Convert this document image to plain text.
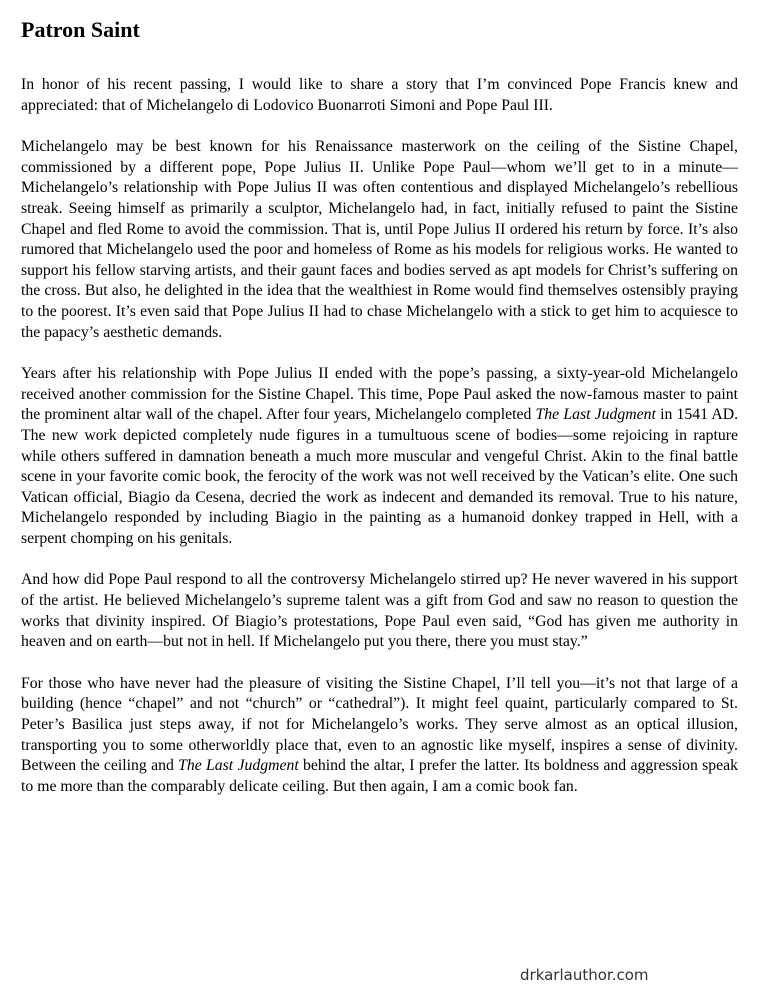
Patron Saint

In honor of his recent passing, I would like to share a story that I’m convinced Pope Francis knew and appreciated: that of Michelangelo di Lodovico Buonarroti Simoni and Pope Paul III.

Michelangelo may be best known for his Renaissance masterwork on the ceiling of the Sistine Chapel, commissioned by a different pope, Pope Julius II. Unlike Pope Paul—whom we’ll get to in a minute—Michelangelo’s relationship with Pope Julius II was often contentious and displayed Michelangelo’s rebellious streak. Seeing himself as primarily a sculptor, Michelangelo had, in fact, initially refused to paint the Sistine Chapel and fled Rome to avoid the commission. That is, until Pope Julius II ordered his return by force. It’s also rumored that Michelangelo used the poor and homeless of Rome as his models for religious works. He wanted to support his fellow starving artists, and their gaunt faces and bodies served as apt models for Christ’s suffering on the cross. But also, he delighted in the idea that the wealthiest in Rome would find themselves ostensibly praying to the poorest. It’s even said that Pope Julius II had to chase Michelangelo with a stick to get him to acquiesce to the papacy’s aesthetic demands.

Years after his relationship with Pope Julius II ended with the pope’s passing, a sixty-year-old Michelangelo received another commission for the Sistine Chapel. This time, Pope Paul asked the now-famous master to paint the prominent altar wall of the chapel. After four years, Michelangelo completed The Last Judgment in 1541 AD. The new work depicted completely nude figures in a tumultuous scene of bodies—some rejoicing in rapture while others suffered in damnation beneath a much more muscular and vengeful Christ. Akin to the final battle scene in your favorite comic book, the ferocity of the work was not well received by the Vatican’s elite. One such Vatican official, Biagio da Cesena, decried the work as indecent and demanded its removal. True to his nature, Michelangelo responded by including Biagio in the painting as a humanoid donkey trapped in Hell, with a serpent chomping on his genitals.

And how did Pope Paul respond to all the controversy Michelangelo stirred up? He never wavered in his support of the artist. He believed Michelangelo’s supreme talent was a gift from God and saw no reason to question the works that divinity inspired. Of Biagio’s protestations, Pope Paul even said, “God has given me authority in heaven and on earth—but not in hell. If Michelangelo put you there, there you must stay.”

For those who have never had the pleasure of visiting the Sistine Chapel, I’ll tell you—it’s not that large of a building (hence “chapel” and not “church” or “cathedral”). It might feel quaint, particularly compared to St. Peter’s Basilica just steps away, if not for Michelangelo’s works. They serve almost as an optical illusion, transporting you to some otherworldly place that, even to an agnostic like myself, inspires a sense of divinity. Between the ceiling and The Last Judgment behind the altar, I prefer the latter. Its boldness and aggression speak to me more than the comparably delicate ceiling. But then again, I am a comic book fan.

drkarlauthor.com
